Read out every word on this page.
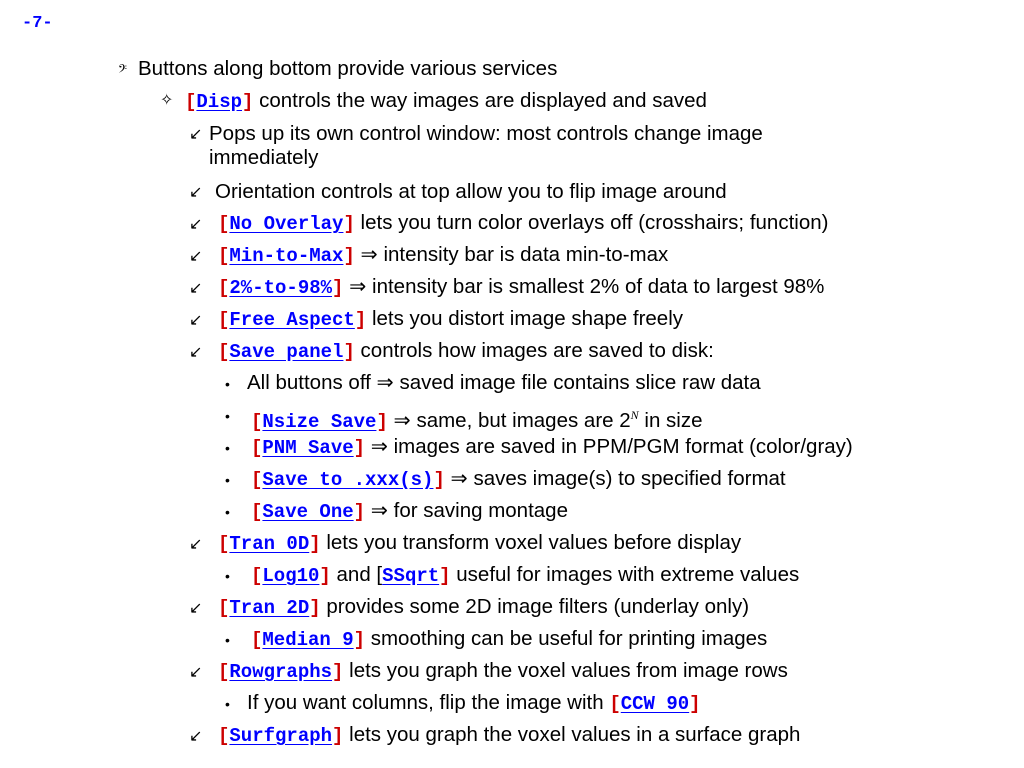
-7-
𝄢 Buttons along bottom provide various services
✧ [Disp] controls the way images are displayed and saved
↙ Pops up its own control window: most controls change image
immediately
↙ Orientation controls at top allow you to flip image around
↙ [No Overlay] lets you turn color overlays off (crosshairs; function)
↙ [Min-to-Max] ⇒ intensity bar is data min-to-max
↙ [2%-to-98%] ⇒ intensity bar is smallest 2% of data to largest 98%
↙ [Free Aspect] lets you distort image shape freely
↙ [Save panel] controls how images are saved to disk:
• All buttons off ⇒ saved image file contains slice raw data
• [Nsize Save] ⇒ same, but images are $2^N$ in size
• [PNM Save] ⇒ images are saved in PPM/PGM format (color/gray)
• [Save to .xxx(s)] ⇒ saves image(s) to specified format
• [Save One] ⇒ for saving montage
↙ [Tran 0D] lets you transform voxel values before display
• [Log10] and [SSqrt] useful for images with extreme values
↙ [Tran 2D] provides some 2D image filters (underlay only)
• [Median 9] smoothing can be useful for printing images
↙ [Rowgraphs] lets you graph the voxel values from image rows
• If you want columns, flip the image with [CCW 90]
↙ [Surfgraph] lets you graph the voxel values in a surface graph
